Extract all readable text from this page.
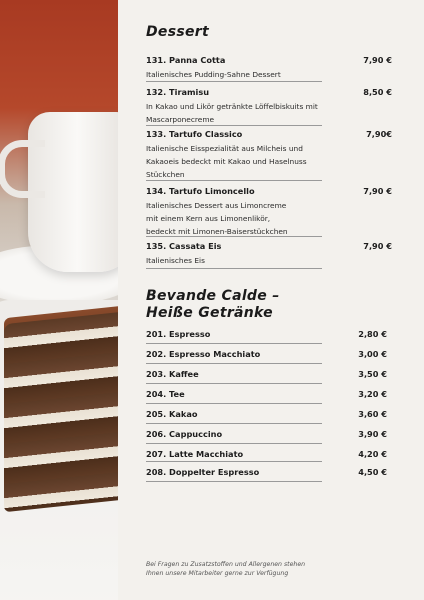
Dessert
131. Panna Cotta	7,90 €
Italienisches Pudding-Sahne Dessert
132. Tiramisu	8,50 €
In Kakao und Likör getränkte Löffelbiskuits mit
Mascarponecreme
133. Tartufo Classico	7,90€
Italienische Eisspezialität aus Milcheis und
Kakaoeis bedeckt mit Kakao und Haselnuss
Stückchen
134. Tartufo Limoncello	7,90 €
Italienisches Dessert aus Limoncreme
mit einem Kern aus Limonenlikör,
bedeckt mit Limonen-Baiserstückchen
135. Cassata Eis	7,90 €
Italienisches Eis
Bevande Calde –
Heiße Getränke
201. Espresso	2,80 €
202. Espresso Macchiato	3,00 €
203. Kaffee	3,50 €
204. Tee	3,20 €
205. Kakao	3,60 €
206. Cappuccino	3,90 €
207. Latte Macchiato	4,20 €
208. Doppelter Espresso	4,50 €
Bei Fragen zu Zusatzstoffen und Allergenen stehen
Ihnen unsere Mitarbeiter gerne zur Verfügung
